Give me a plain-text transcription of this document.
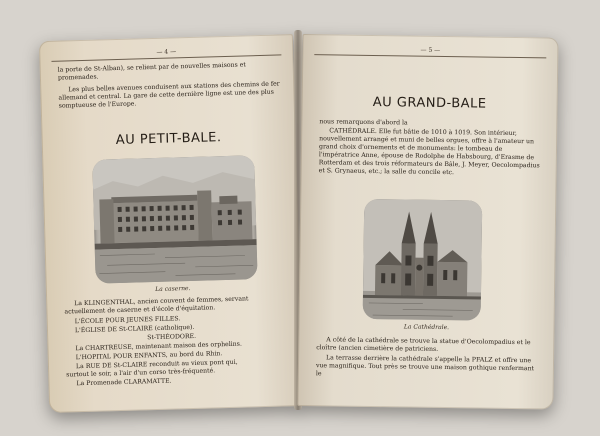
— 4 —
la porte de St-Alban), se relient par de nouvelles maisons et promenades.
Les plus belles avenues conduisent aux stations des chemins de fer allemand et central. La gare de cette dernière ligne est une des plus somptueuse de l'Europe.
AU PETIT-BALE.
La caserne.
La KLINGENTHAL, ancien couvent de femmes, servant
actuellement de caserne et d'école d'équitation.
L'ÉCOLE POUR JEUNES FILLES.
L'ÉGLISE DE St-CLAIRE (catholique).
St-THÉODORE.
La CHARTREUSE, maintenant maison des orphelins.
L'HOPITAL POUR ENFANTS, au bord du Rhin.
La RUE DE St-CLAIRE reconduit au vieux pont qui,
surtout le soir, a l'air d'un corso très-fréquenté.
La Promenade CLARAMATTE.
— 5 —
AU GRAND-BALE
nous remarquons d'abord la
CATHÉDRALE. Elle fut bâtie de 1010 à 1019. Son intérieur, nouvellement arrangé et muni de belles orgues, offre à l'amateur un grand choix d'ornements et de monuments: le tombeau de l'impératrice Anne, épouse de Rodolphe de Habsbourg, d'Erasme de Rotterdam et des trois réformateurs de Bâle, J. Meyer, Oecolompadius et S. Grynaeus, etc.; la salle du concile etc.
La Cathédrale.
A côté de la cathédrale se trouve la statue d'Oecolompadius et le cloître (ancien cimetière de patriciens.
La terrasse derrière la cathédrale s'appelle la PFALZ et offre une vue magnifique. Tout près se trouve une maison gothique renfermant le
